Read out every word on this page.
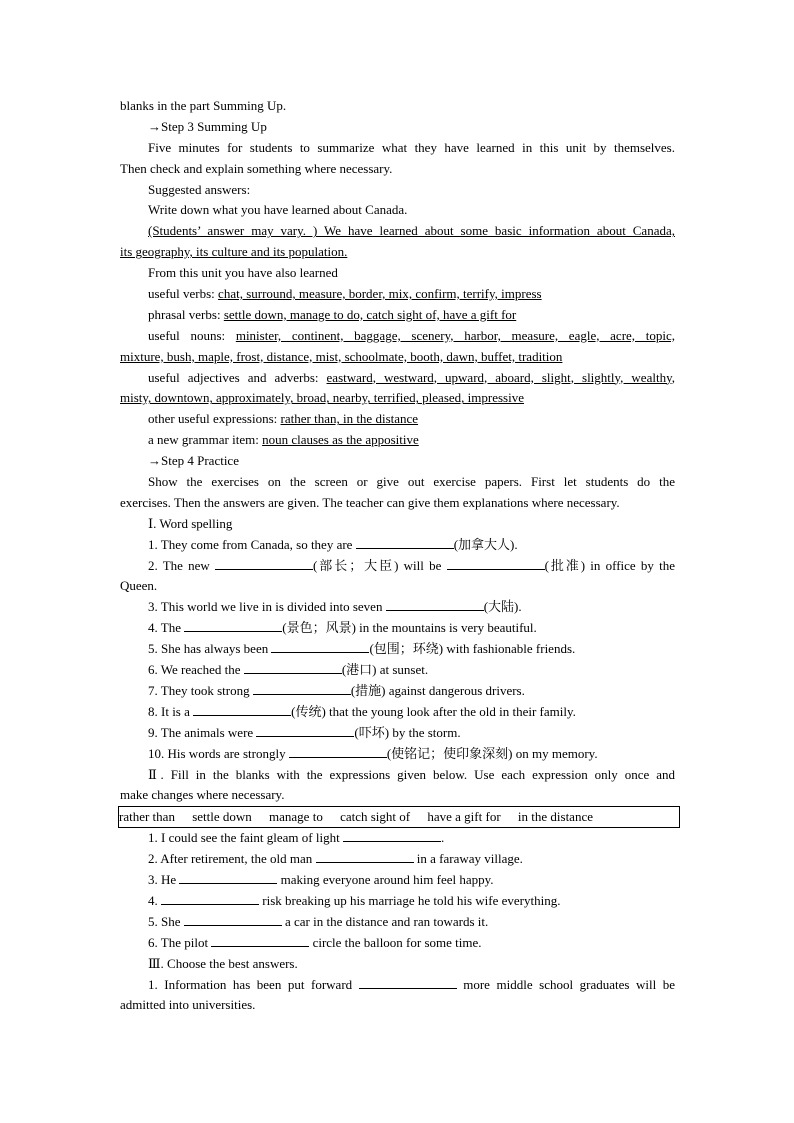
blanks in the part Summing Up.
→Step 3 Summing Up
Five minutes for students to summarize what they have learned in this unit by themselves.
Then check and explain something where necessary.
Suggested answers:
Write down what you have learned about Canada.
(Students’ answer may vary. ) We have learned about some basic information about Canada,
its geography, its culture and its population.
From this unit you have also learned
useful verbs: chat, surround, measure, border, mix, confirm, terrify, impress
phrasal verbs: settle down, manage to do, catch sight of, have a gift for
useful nouns: minister, continent, baggage, scenery, harbor, measure, eagle, acre, topic,
mixture, bush, maple, frost, distance, mist, schoolmate, booth, dawn, buffet, tradition
useful adjectives and adverbs: eastward, westward, upward, aboard, slight, slightly, wealthy,
misty, downtown, approximately, broad, nearby, terrified, pleased, impressive
other useful expressions: rather than, in the distance
a new grammar item: noun clauses as the appositive
→Step 4 Practice
Show the exercises on the screen or give out exercise papers. First let students do the
exercises. Then the answers are given. The teacher can give them explanations where necessary.
Ⅰ. Word spelling
1. They come from Canada, so they are	(加拿大人).
2. The new	(部长；大臣) will be	(批准) in office by the
Queen.
3. This world we live in is divided into seven	(大陆).
4. The	(景色；风景) in the mountains is very beautiful.
5. She has always been	(包围；环绕) with fashionable friends.
6. We reached the	(港口) at sunset.
7. They took strong	(措施) against dangerous drivers.
8. It is a	(传统) that the young look after the old in their family.
9. The animals were	(吓坏) by the storm.
10. His words are strongly	(使铭记；使印象深刻) on my memory.
Ⅱ. Fill in the blanks with the expressions given below. Use each expression only once and
make changes where necessary.
rather than settle down manage to catch sight of have a gift for in the distance
1. I could see the faint gleam of light	.
2. After retirement, the old man	in a faraway village.
3. He	making everyone around him feel happy.
4.	risk breaking up his marriage he told his wife everything.
5. She	a car in the distance and ran towards it.
6. The pilot	circle the balloon for some time.
Ⅲ. Choose the best answers.
1. Information has been put forward	more middle school graduates will be
admitted into universities.
